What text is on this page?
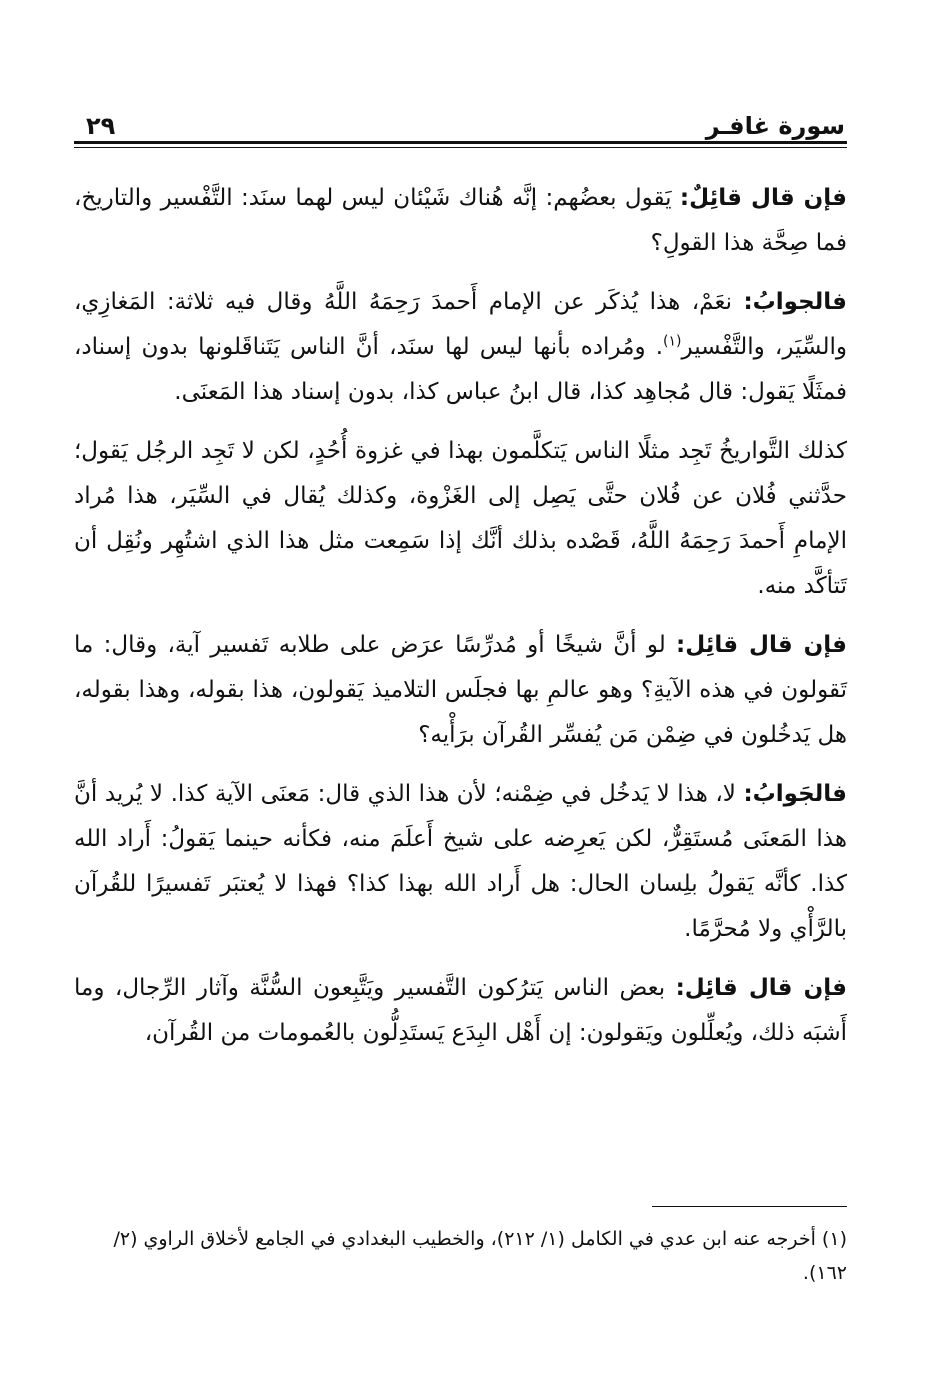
٢٩	سورة غافـر

فإن قال قائِلٌ: يَقول بعضُهم: إنَّه هُناك شَيْئان ليس لهما سنَد: التَّفْسير والتاريخ، فما صِحَّة هذا القولِ؟

فالجوابُ: نعَمْ، هذا يُذكَر عن الإمام أَحمدَ رَحِمَهُ اللَّهُ وقال فيه ثلاثة: المَغازِي، والسِّيَر، والتَّفْسير$^{(١)}$. ومُراده بأنها ليس لها سنَد، أنَّ الناس يَتَناقَلونها بدون إسناد، فمثَلًا يَقول: قال مُجاهِد كذا، قال ابنُ عباس كذا، بدون إسناد هذا المَعنَى.

كذلك التَّواريخُ تَجِد مثلًا الناس يَتكلَّمون بهذا في غزوة أُحُدٍ، لكن لا تَجِد الرجُل يَقول؛ حدَّثني فُلان عن فُلان حتَّى يَصِل إلى الغَزْوة، وكذلك يُقال في السِّيَر، هذا مُراد الإمامِ أَحمدَ رَحِمَهُ اللَّهُ، قَصْده بذلك أنَّك إذا سَمِعت مثل هذا الذي اشتُهِر ونُقِل أن تَتأكَّد منه.

فإن قال قائِل: لو أنَّ شيخًا أو مُدرِّسًا عرَض على طلابه تَفسير آية، وقال: ما تَقولون في هذه الآيةِ؟ وهو عالمِ بها فجلَس التلاميذ يَقولون، هذا بقوله، وهذا بقوله، هل يَدخُلون في ضِمْن مَن يُفسِّر القُرآن برَأْيه؟

فالجَوابُ: لا، هذا لا يَدخُل في ضِمْنه؛ لأن هذا الذي قال: مَعنَى الآية كذا. لا يُريد أنَّ هذا المَعنَى مُستَقِرٌّ، لكن يَعرِضه على شيخ أَعلَمَ منه، فكأنه حينما يَقولُ: أَراد الله كذا. كأنَّه يَقولُ بلِسان الحال: هل أَراد الله بهذا كذا؟ فهذا لا يُعتبَر تَفسيرًا للقُرآن بالرَّأْي ولا مُحرَّمًا.

فإن قال قائِل: بعض الناس يَترُكون التَّفسير ويَتَّبِعون السُّنَّة وآثار الرِّجال، وما أَشبَه ذلك، ويُعلِّلون ويَقولون: إن أَهْل البِدَع يَستَدِلُّون بالعُمومات من القُرآن،

(١) أخرجه عنه ابن عدي في الكامل (١/ ٢١٢)، والخطيب البغدادي في الجامع لأخلاق الراوي (٢/ ١٦٢).
